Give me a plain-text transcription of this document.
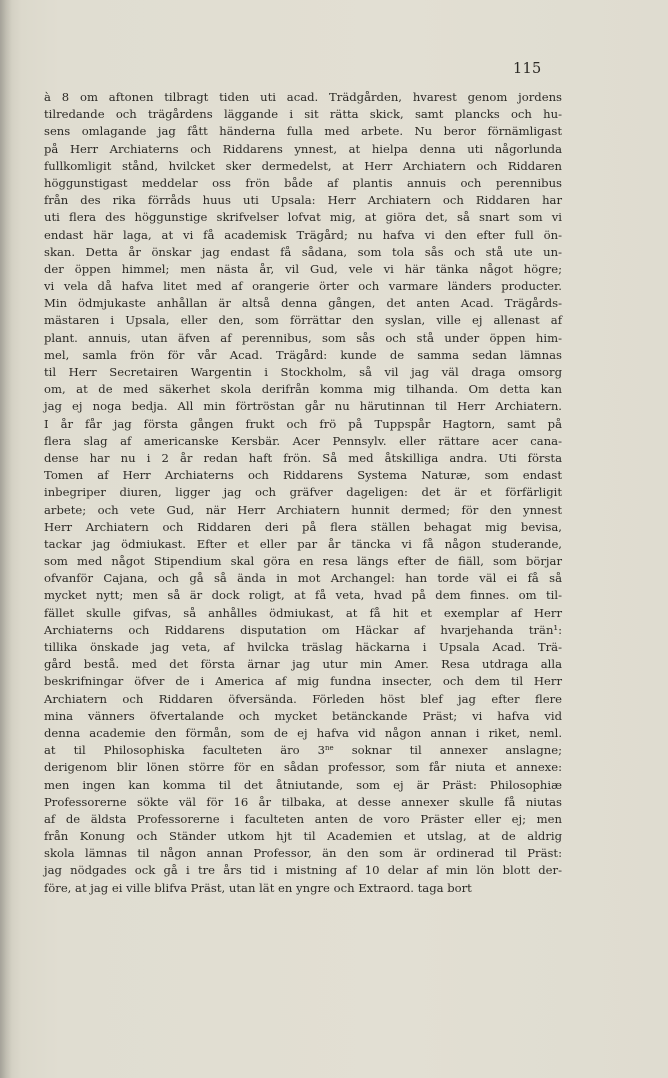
115
à 8 om aftonen tilbragt tiden uti acad. Trädgården, hvarest genom jordens
tilredande och trägårdens läggande i sit rätta skick, samt plancks och hu-
sens omlagande jag fått händerna fulla med arbete. Nu beror förnämligast
på Herr Archiaterns och Riddarens ynnest, at hielpa denna uti någorlunda
fullkomligit stånd, hvilcket sker dermedelst, at Herr Archiatern och Riddaren
höggunstigast meddelar oss frön både af plantis annuis och perennibus
från des rika förråds huus uti Upsala: Herr Archiatern och Riddaren har
uti flera des höggunstige skrifvelser lofvat mig, at giöra det, så snart som vi
endast här laga, at vi få academisk Trägård; nu hafva vi den efter full ön-
skan. Detta år önskar jag endast få sådana, som tola sås och stå ute un-
der öppen himmel; men nästa år, vil Gud, vele vi här tänka något högre;
vi vela då hafva litet med af orangerie örter och varmare länders producter.
Min ödmjukaste anhållan är altså denna gången, det anten Acad. Trägårds-
mästaren i Upsala, eller den, som förrättar den syslan, ville ej allenast af
plant. annuis, utan äfven af perennibus, som sås och stå under öppen him-
mel, samla frön för vår Acad. Trägård: kunde de samma sedan lämnas
til Herr Secretairen Wargentin i Stockholm, så vil jag väl draga omsorg
om, at de med säkerhet skola derifrån komma mig tilhanda. Om detta kan
jag ej noga bedja. All min förtröstan går nu härutinnan til Herr Archiatern.
I år får jag första gången frukt och frö på Tuppspår Hagtorn, samt på
flera slag af americanske Kersbär. Acer Pennsylv. eller rättare acer cana-
dense har nu i 2 år redan haft frön. Så med åtskilliga andra. Uti första
Tomen af Herr Archiaterns och Riddarens Systema Naturæ, som endast
inbegriper diuren, ligger jag och gräfver dageligen: det är et förfärligit
arbete; och vete Gud, när Herr Archiatern hunnit dermed; för den ynnest
Herr Archiatern och Riddaren deri på flera ställen behagat mig bevisa,
tackar jag ödmiukast. Efter et eller par år täncka vi få någon studerande,
som med något Stipendium skal göra en resa längs efter de fiäll, som börjar
ofvanför Cajana, och gå så ända in mot Archangel: han torde väl ei få så
mycket nytt; men så är dock roligt, at få veta, hvad på dem finnes. om til-
fället skulle gifvas, så anhålles ödmiukast, at få hit et exemplar af Herr
Archiaterns och Riddarens disputation om Häckar af hvarjehanda trän¹:
tillika önskade jag veta, af hvilcka träslag häckarna i Upsala Acad. Trä-
gård bestå. med det första ärnar jag utur min Amer. Resa utdraga alla
beskrifningar öfver de i America af mig fundna insecter, och dem til Herr
Archiatern och Riddaren öfversända. Förleden höst blef jag efter flere
mina vänners öfvertalande och mycket betänckande Präst; vi hafva vid
denna academie den förmån, som de ej hafva vid någon annan i riket, neml.
at til Philosophiska faculteten äro $3^{ne}$ soknar til annexer anslagne;
derigenom blir lönen större för en sådan professor, som får niuta et annexe:
men ingen kan komma til det åtniutande, som ej är Präst: Philosophiæ
Professorerne sökte väl för 16 år tilbaka, at desse annexer skulle få niutas
af de äldsta Professorerne i faculteten anten de voro Präster eller ej; men
från Konung och Ständer utkom hjt til Academien et utslag, at de aldrig
skola lämnas til någon annan Professor, än den som är ordinerad til Präst:
jag nödgades ock gå i tre års tid i mistning af 10 delar af min lön blott der-
före, at jag ei ville blifva Präst, utan lät en yngre och Extraord. taga bort
